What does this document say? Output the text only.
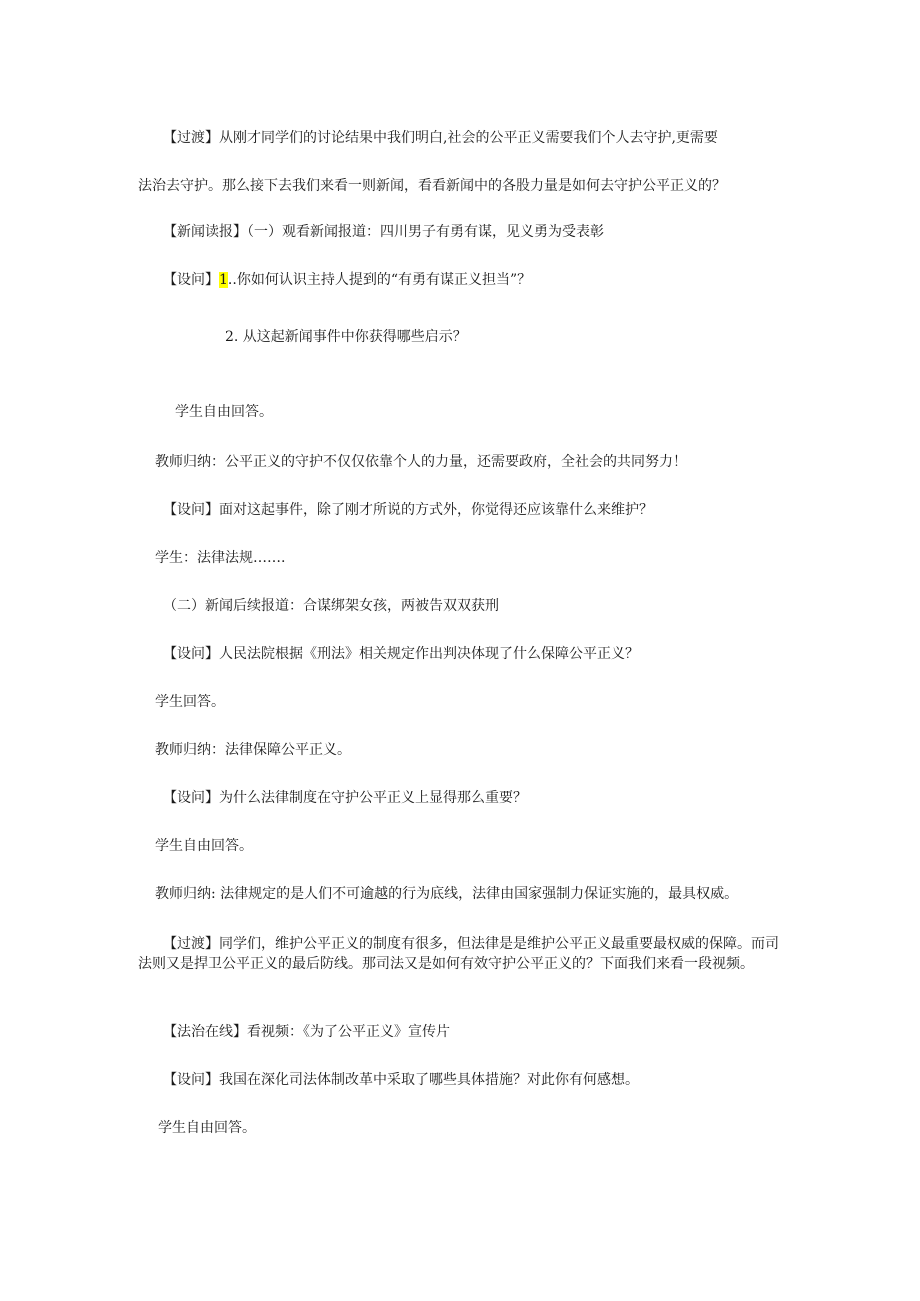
【过渡】从刚才同学们的讨论结果中我们明白,社会的公平正义需要我们个人去守护,更需要
法治去守护。那么接下去我们来看一则新闻，看看新闻中的各股力量是如何去守护公平正义的？
【新闻读报】（一）观看新闻报道：四川男子有勇有谋，见义勇为受表彰
【设问】1..你如何认识主持人提到的“有勇有谋正义担当”？
2. 从这起新闻事件中你获得哪些启示？
学生自由回答。
教师归纳：公平正义的守护不仅仅依靠个人的力量，还需要政府，全社会的共同努力！
【设问】面对这起事件，除了刚才所说的方式外，你觉得还应该靠什么来维护？
学生：法律法规…….
（二）新闻后续报道：合谋绑架女孩，两被告双双获刑
【设问】人民法院根据《刑法》相关规定作出判决体现了什么保障公平正义？
学生回答。
教师归纳：法律保障公平正义。
【设问】为什么法律制度在守护公平正义上显得那么重要？
学生自由回答。
教师归纳: 法律规定的是人们不可逾越的行为底线，法律由国家强制力保证实施的，最具权威。
【过渡】同学们，维护公平正义的制度有很多，但法律是是维护公平正义最重要最权威的保障。而司法则又是捍卫公平正义的最后防线。那司法又是如何有效守护公平正义的？下面我们来看一段视频。
【法治在线】看视频：《为了公平正义》宣传片
【设问】我国在深化司法体制改革中采取了哪些具体措施？对此你有何感想。
学生自由回答。
